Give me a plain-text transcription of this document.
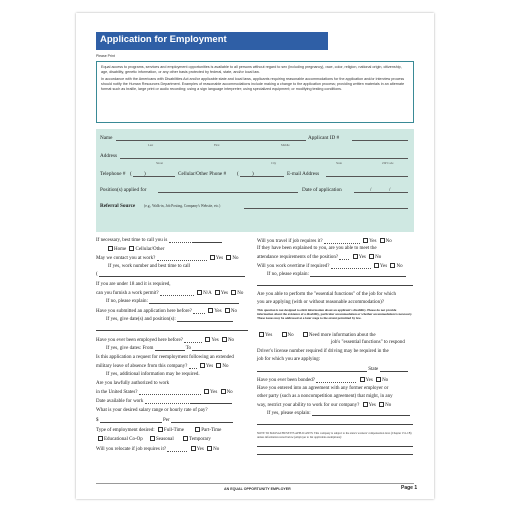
Application for Employment
Please Print

Equal access to programs, services and employment opportunities is available to all persons without regard to sex (including pregnancy), race, color, religion, national origin, citizenship, age, disability, genetic information, or any other basis protected by federal, state, and/or local law.

In accordance with the Americans with Disabilities Act and/or applicable state and local laws, applicants requiring reasonable accommodations for the application and/or interview process should notify the Human Resources Department. Examples of reasonable accommodations include making a change to the application process; providing written materials in an alternate format such as braille, large print or audio recording; using a sign language interpreter; using specialized equipment; or modifying testing conditions.

Name	Applicant ID #
Last	First	Middle
Address
Street	City	State	ZIP Code
Telephone # ( )	Cellular/Other Phone # (	)	E-mail Address
Position(s) applied for	Date of application	/	/
Referral Source (e.g., Walk-in, Job Posting, Company's Website, etc.)
If necessary, best time to call you is
Home Cellular/Other
May we contact you at work?	Yes No
If yes, work number and best time to call
(
If you are under 18 and it is required,
can you furnish a work permit?	N/A Yes No
If no, please explain:
Have you submitted an application here before?	Yes No
If yes, give date(s) and position(s):
Have you ever been employed here before?	Yes No
If yes, give dates: From	To
Is this application a request for reemployment following an extended
military leave of absence from this company?	Yes No
If yes, additional information may be required.
Are you lawfully authorized to work
in the United States?	Yes No
Date available for work
What is your desired salary range or hourly rate of pay?
$	Per
Type of employment desired: Full-Time	Part-Time
Educational Co-Op	Seasonal	Temporary
Will you relocate if job requires it?	Yes No
Will you travel if job requires it?	Yes No
If they have been explained to you, are you able to meet the
attendance requirements of the position?	Yes No
Will you work overtime if required?	Yes No
If no, please explain:
Are you able to perform the "essential functions" of the job for which
you are applying (with or without reasonable accommodation)?
This question is not designed to elicit information about an applicant's disability. Please do not provide information about the existence of a disability, particular accommodation or whether accommodation is necessary. These issues may be addressed at a later stage to the extent permitted by law.
Yes	No	Need more information about the
job's "essential functions" to respond
Driver's license number required if driving may be required in the
job for which you are applying:
State
Have you ever been bonded?	Yes No
Have you entered into an agreement with any former employer or
other party (such as a noncompetition agreement) that might, in any
way, restrict your ability to work for our company? Yes No
If yes, please explain:
NOTE TO MASSACHUSETTS APPLICANTS: This company is subject to the state's workers' compensation laws (Chapter 151-1B) unless information noted below (employer to list applicable exemptions):
AN EQUAL OPPORTUNITY EMPLOYER	Page 1
